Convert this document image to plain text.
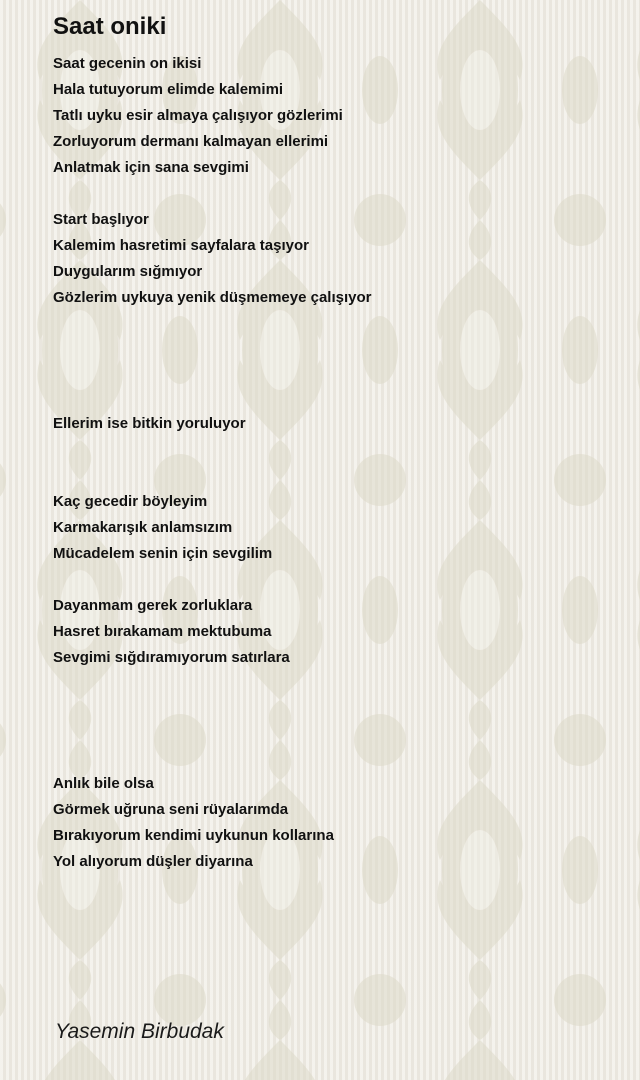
Saat oniki
Saat gecenin on ikisi
Hala tutuyorum elimde kalemimi
Tatlı uyku esir almaya çalışıyor gözlerimi
Zorluyorum dermanı kalmayan ellerimi
Anlatmak için sana sevgimi
Start başlıyor
Kalemim hasretimi sayfalara taşıyor
Duygularım sığmıyor
Gözlerim uykuya yenik düşmemeye çalışıyor
Ellerim ise bitkin yoruluyor
Kaç gecedir böyleyim
Karmakarışık anlamsızım
Mücadelem senin için sevgilim
Dayanmam gerek zorluklara
Hasret bırakamam mektubuma
Sevgimi sığdıramıyorum satırlara
Anlık bile olsa
Görmek uğruna seni rüyalarımda
Bırakıyorum kendimi uykunun kollarına
Yol alıyorum düşler diyarına
Yasemin Birbudak
